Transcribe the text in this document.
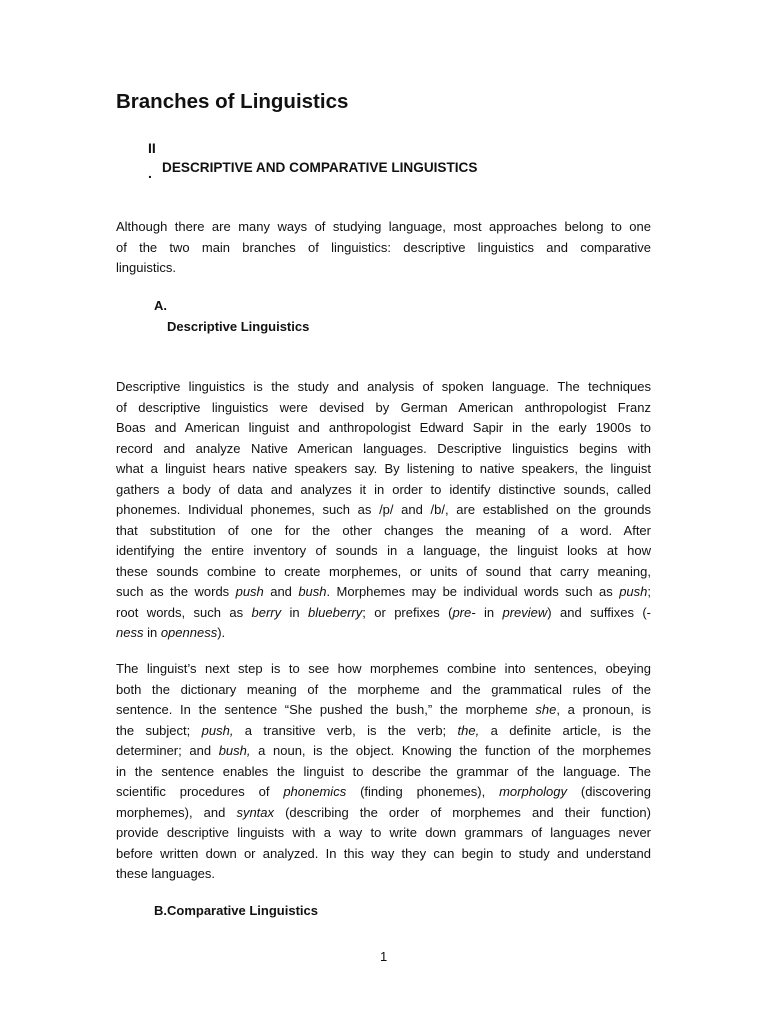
Branches of Linguistics
II
. DESCRIPTIVE AND COMPARATIVE LINGUISTICS

Although there are many ways of studying language, most approaches belong to one
of the two main branches of linguistics: descriptive linguistics and comparative
linguistics.

A.
Descriptive Linguistics

Descriptive linguistics is the study and analysis of spoken language. The techniques
of descriptive linguistics were devised by German American anthropologist Franz
Boas and American linguist and anthropologist Edward Sapir in the early 1900s to
record and analyze Native American languages. Descriptive linguistics begins with
what a linguist hears native speakers say. By listening to native speakers, the linguist
gathers a body of data and analyzes it in order to identify distinctive sounds, called
phonemes. Individual phonemes, such as /p/ and /b/, are established on the grounds
that substitution of one for the other changes the meaning of a word. After
identifying the entire inventory of sounds in a language, the linguist looks at how
these sounds combine to create morphemes, or units of sound that carry meaning,
such as the words push and bush. Morphemes may be individual words such as push;
root words, such as berry in blueberry; or prefixes (pre- in preview) and suffixes (-
ness in openness).

The linguist’s next step is to see how morphemes combine into sentences, obeying
both the dictionary meaning of the morpheme and the grammatical rules of the
sentence. In the sentence “She pushed the bush,” the morpheme she, a pronoun, is
the subject; push, a transitive verb, is the verb; the, a definite article, is the
determiner; and bush, a noun, is the object. Knowing the function of the morphemes
in the sentence enables the linguist to describe the grammar of the language. The
scientific procedures of phonemics (finding phonemes), morphology (discovering
morphemes), and syntax (describing the order of morphemes and their function)
provide descriptive linguists with a way to write down grammars of languages never
before written down or analyzed. In this way they can begin to study and understand
these languages.

B.Comparative Linguistics
1
